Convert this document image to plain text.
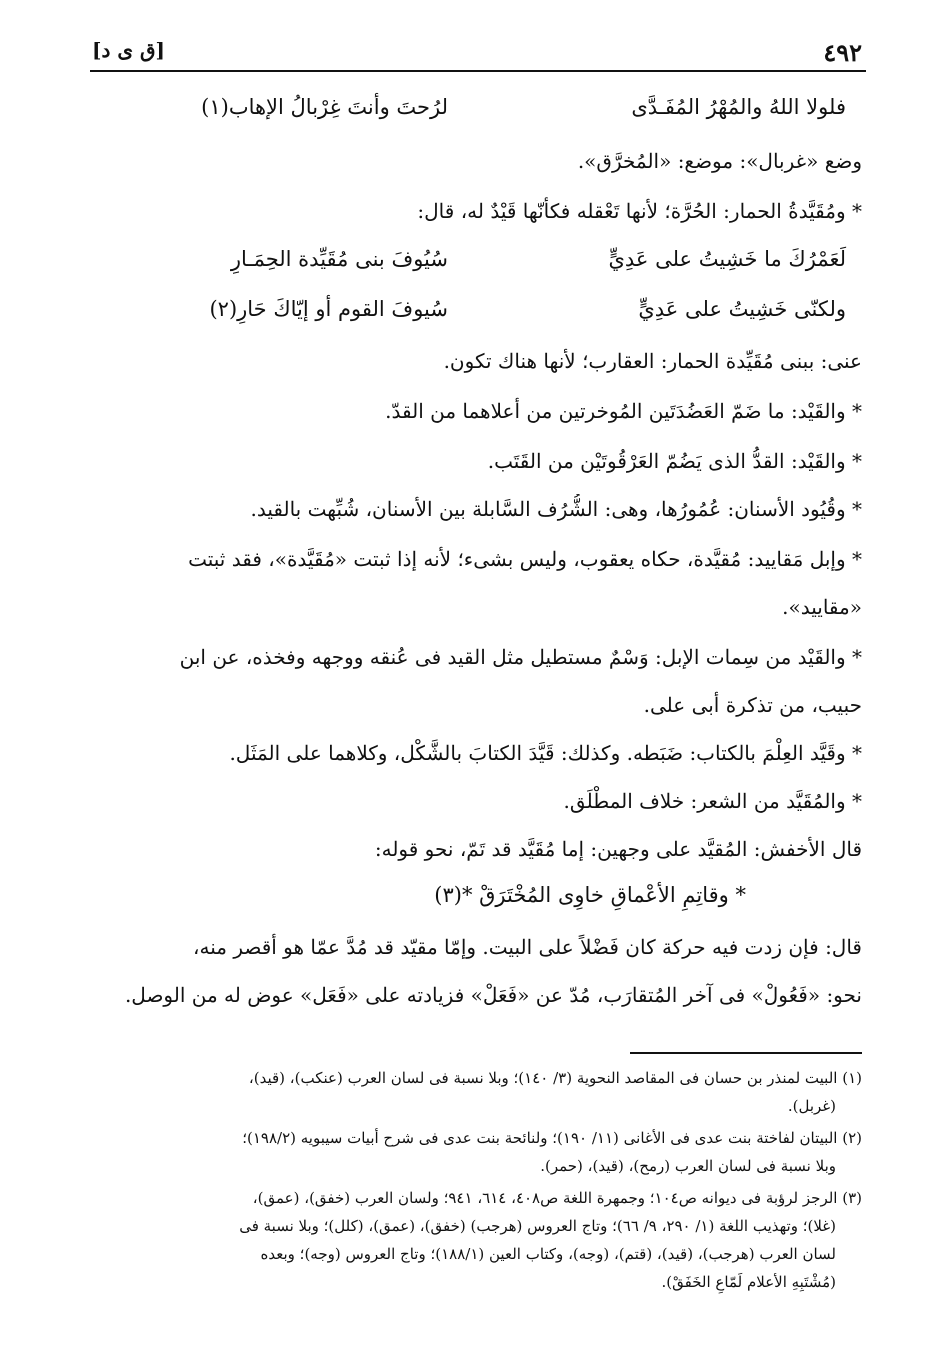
٤٩٢
[ق ى د]
فلولا اللهُ والمُهْرُ المُفَـدَّى
لرُحتَ وأنتَ غِرْبالُ الإهاب(١)
وضع «غربال»: موضع: «المُخرَّق».
* ومُقَيَّدةُ الحمار: الحُرَّة؛ لأنها تَعْقله فكأنّها قَيْدٌ له، قال:
لَعَمْرُكَ ما خَشِيتُ على عَدِيٍّ
سُيُوفَ بنى مُقَيِّدة الحِمَـارِ
ولكنّى خَشِيتُ على عَدِيٍّ
سُيوفَ القوم أو إيّاكَ حَارِ(٢)
عنى: ببنى مُقَيِّدة الحمار: العقارب؛ لأنها هناك تكون.
* والقَيْد: ما ضَمّ العَضُدَتَين المُوخرتين من أعلاهما من القدّ.
* والقَيْد: القدُّ الذى يَضُمّ العَرْقُوتَيْن من القَتَب.
* وقُيُود الأسنان: عُمُورُها، وهى: الشُّرُف السَّابلة بين الأسنان، شُبِّهت بالقيد.
* وإبل مَقاييد: مُقيَّدة، حكاه يعقوب، وليس بشىء؛ لأنه إذا ثبتت «مُقَيَّدة»، فقد ثبتت
«مقاييد».
* والقَيْد من سِمات الإبل: وَسْمٌ مستطيل مثل القيد فى عُنقه ووجهه وفخذه، عن ابن
حبيب، من تذكرة أبى على.
* وقَيَّد العِلْمَ بالكتاب: ضَبَطه. وكذلك: قَيَّدَ الكتابَ بالشَّكْل، وكلاهما على المَثَل.
* والمُقَيَّد من الشعر: خلاف المطْلَق.
قال الأخفش: المُقيَّد على وجهين: إما مُقَيَّد قد تَمّ، نحو قوله:
* وقاتِمِ الأعْماقِ خاوِى المُخْتَرَقْ *(٣)
قال: فإن زدت فيه حركة كان فَضْلاً على البيت. وإمّا مقيّد قد مُدَّ عمّا هو أقصر منه،
نحو: «فَعُولْ» فى آخر المُتقارَب، مُدّ عن «فَعَلْ» فزيادته على «فَعَل» عوض له من الوصل.
(١) البيت لمنذر بن حسان فى المقاصد النحوية (٣/ ١٤٠)؛ وبلا نسبة فى لسان العرب (عنكب)، (قيد)،
(غربل).
(٢) البيتان لفاختة بنت عدى فى الأغانى (١١/ ١٩٠)؛ ولنائحة بنت عدى فى شرح أبيات سيبويه (١٩٨/٢)؛
وبلا نسبة فى لسان العرب (رمح)، (قيد)، (حمر).
(٣) الرجز لرؤبة فى ديوانه ص١٠٤؛ وجمهرة اللغة ص٤٠٨، ٦١٤، ٩٤١؛ ولسان العرب (خفق)، (عمق)،
(غلا)؛ وتهذيب اللغة (١/ ٢٩٠، ٩/ ٦٦)؛ وتاج العروس (هرجب) (خفق)، (عمق)، (كلل)؛ وبلا نسبة فى
لسان العرب (هرجب)، (قيد)، (قتم)، (وجه)، وكتاب العين (١٨٨/١)؛ وتاج العروس (وجه)؛ وبعده
(مُشْتَبِهِ الأعلام لَمّاعِ الخَفَقْ).
